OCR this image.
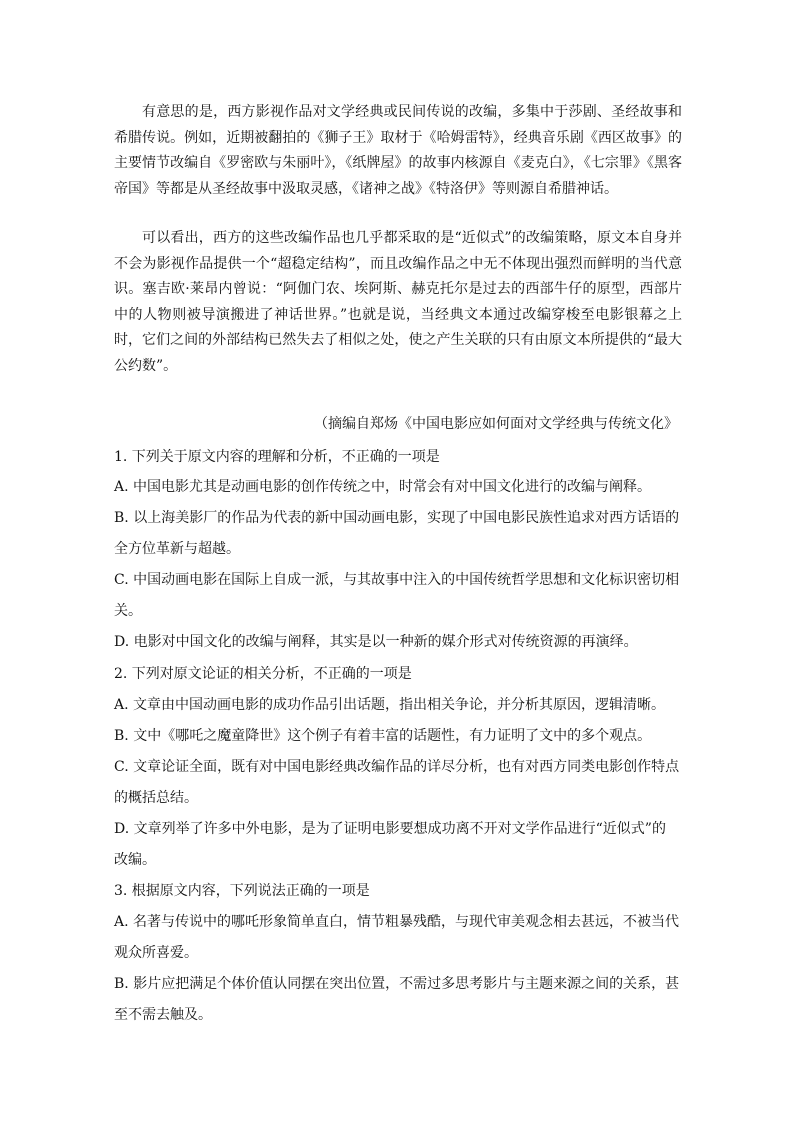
有意思的是，西方影视作品对文学经典或民间传说的改编，多集中于莎剧、圣经故事和希腊传说。例如，近期被翻拍的《狮子王》取材于《哈姆雷特》，经典音乐剧《西区故事》的主要情节改编自《罗密欧与朱丽叶》，《纸牌屋》的故事内核源自《麦克白》，《七宗罪》《黑客帝国》等都是从圣经故事中汲取灵感，《诸神之战》《特洛伊》等则源自希腊神话。

可以看出，西方的这些改编作品也几乎都采取的是“近似式”的改编策略，原文本自身并不会为影视作品提供一个“超稳定结构”，而且改编作品之中无不体现出强烈而鲜明的当代意识。塞吉欧·莱昂内曾说：“阿伽门农、埃阿斯、赫克托尔是过去的西部牛仔的原型，西部片中的人物则被导演搬进了神话世界。”也就是说，当经典文本通过改编穿梭至电影银幕之上时，它们之间的外部结构已然失去了相似之处，使之产生关联的只有由原文本所提供的“最大公约数”。

（摘编自郑炀《中国电影应如何面对文学经典与传统文化》

1. 下列关于原文内容的理解和分析，不正确的一项是

A. 中国电影尤其是动画电影的创作传统之中，时常会有对中国文化进行的改编与阐释。

B. 以上海美影厂的作品为代表的新中国动画电影，实现了中国电影民族性追求对西方话语的

全方位革新与超越。

C. 中国动画电影在国际上自成一派，与其故事中注入的中国传统哲学思想和文化标识密切相

关。

D. 电影对中国文化的改编与阐释，其实是以一种新的媒介形式对传统资源的再演绎。

2. 下列对原文论证的相关分析，不正确的一项是

A. 文章由中国动画电影的成功作品引出话题，指出相关争论，并分析其原因，逻辑清晰。

B. 文中《哪吒之魔童降世》这个例子有着丰富的话题性，有力证明了文中的多个观点。

C. 文章论证全面，既有对中国电影经典改编作品的详尽分析，也有对西方同类电影创作特点

的概括总结。

D. 文章列举了许多中外电影，是为了证明电影要想成功离不开对文学作品进行“近似式”的

改编。

3. 根据原文内容，下列说法正确的一项是

A. 名著与传说中的哪吒形象简单直白，情节粗暴残酷，与现代审美观念相去甚远，不被当代

观众所喜爱。

B. 影片应把满足个体价值认同摆在突出位置，不需过多思考影片与主题来源之间的关系，甚

至不需去触及。
